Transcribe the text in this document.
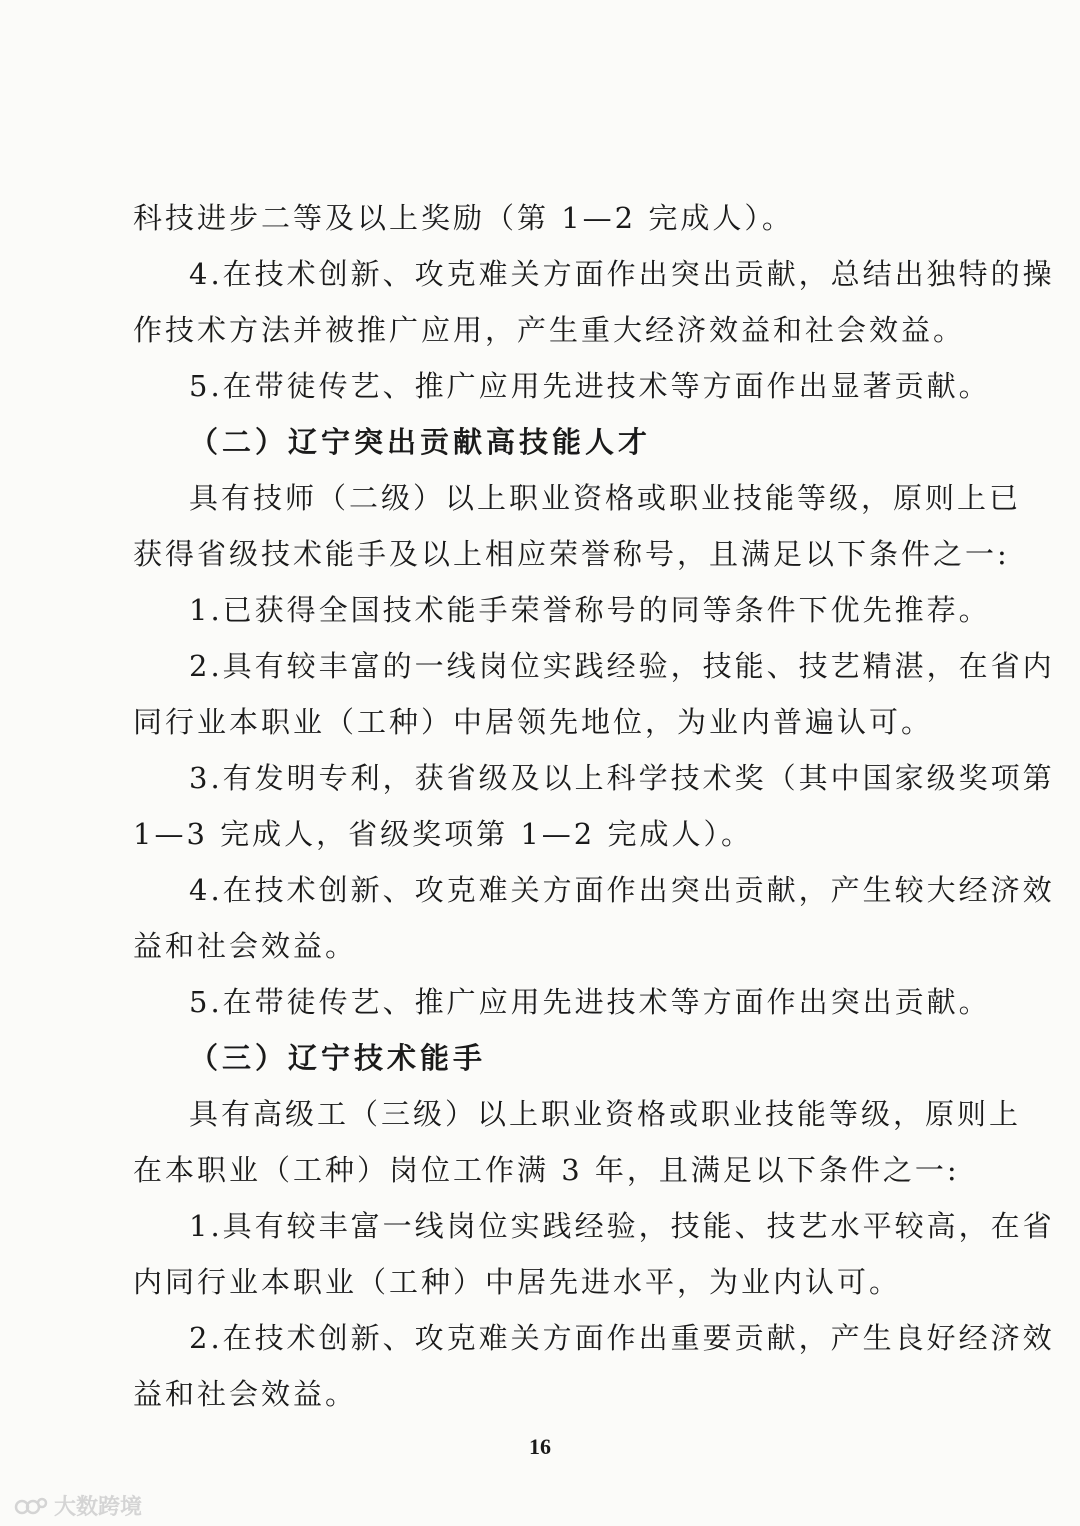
科技进步二等及以上奖励（第 1—2 完成人）。
4.在技术创新、攻克难关方面作出突出贡献，总结出独特的操
作技术方法并被推广应用，产生重大经济效益和社会效益。
5.在带徒传艺、推广应用先进技术等方面作出显著贡献。
（二）辽宁突出贡献高技能人才
具有技师（二级）以上职业资格或职业技能等级，原则上已
获得省级技术能手及以上相应荣誉称号，且满足以下条件之一:
1.已获得全国技术能手荣誉称号的同等条件下优先推荐。
2.具有较丰富的一线岗位实践经验，技能、技艺精湛，在省内
同行业本职业（工种）中居领先地位，为业内普遍认可。
3.有发明专利，获省级及以上科学技术奖（其中国家级奖项第
1—3 完成人，省级奖项第 1—2 完成人）。
4.在技术创新、攻克难关方面作出突出贡献，产生较大经济效
益和社会效益。
5.在带徒传艺、推广应用先进技术等方面作出突出贡献。
（三）辽宁技术能手
具有高级工（三级）以上职业资格或职业技能等级，原则上
在本职业（工种）岗位工作满 3 年，且满足以下条件之一:
1.具有较丰富一线岗位实践经验，技能、技艺水平较高，在省
内同行业本职业（工种）中居先进水平，为业内认可。
2.在技术创新、攻克难关方面作出重要贡献，产生良好经济效
益和社会效益。
16
大数跨境
